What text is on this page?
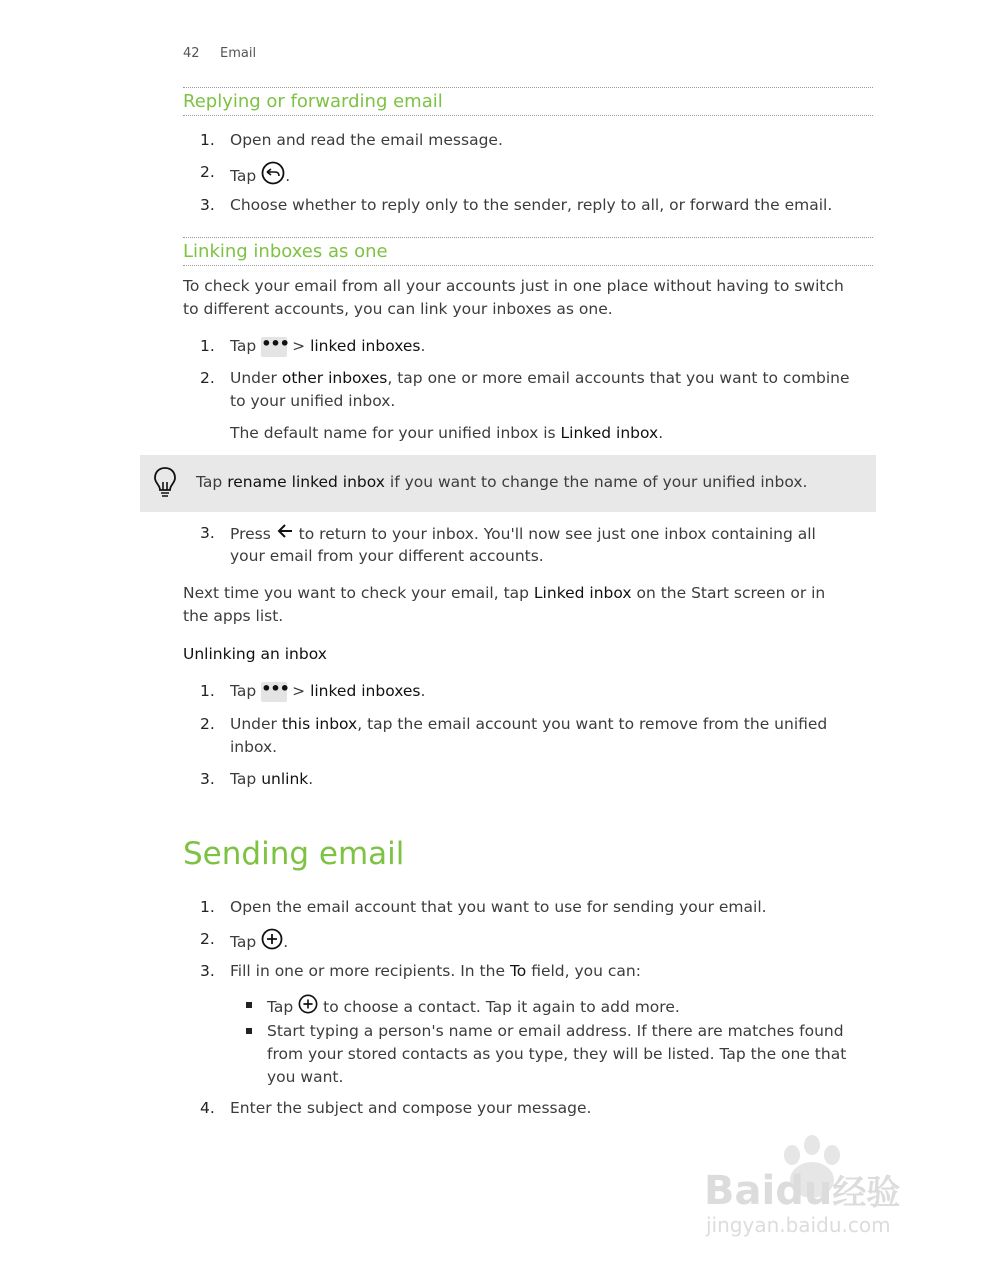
42 Email
Replying or forwarding email
1. Open and read the email message.
2. Tap .
3. Choose whether to reply only to the sender, reply to all, or forward the email.
Linking inboxes as one
To check your email from all your accounts just in one place without having to switch
to different accounts, you can link your inboxes as one.
1. Tap ••• > linked inboxes.
2. Under other inboxes, tap one or more email accounts that you want to combine
to your unified inbox.
The default name for your unified inbox is Linked inbox.
Tap rename linked inbox if you want to change the name of your unified inbox.
3. Press to return to your inbox. You'll now see just one inbox containing all
your email from your different accounts.
Next time you want to check your email, tap Linked inbox on the Start screen or in
the apps list.
Unlinking an inbox
1. Tap ••• > linked inboxes.
2. Under this inbox, tap the email account you want to remove from the unified
inbox.
3. Tap unlink.
Sending email
1. Open the email account that you want to use for sending your email.
2. Tap .
3. Fill in one or more recipients. In the To field, you can:
Tap to choose a contact. Tap it again to add more.
Start typing a person's name or email address. If there are matches found
from your stored contacts as you type, they will be listed. Tap the one that
you want.
4. Enter the subject and compose your message.
Baidu经验
jingyan.baidu.com
